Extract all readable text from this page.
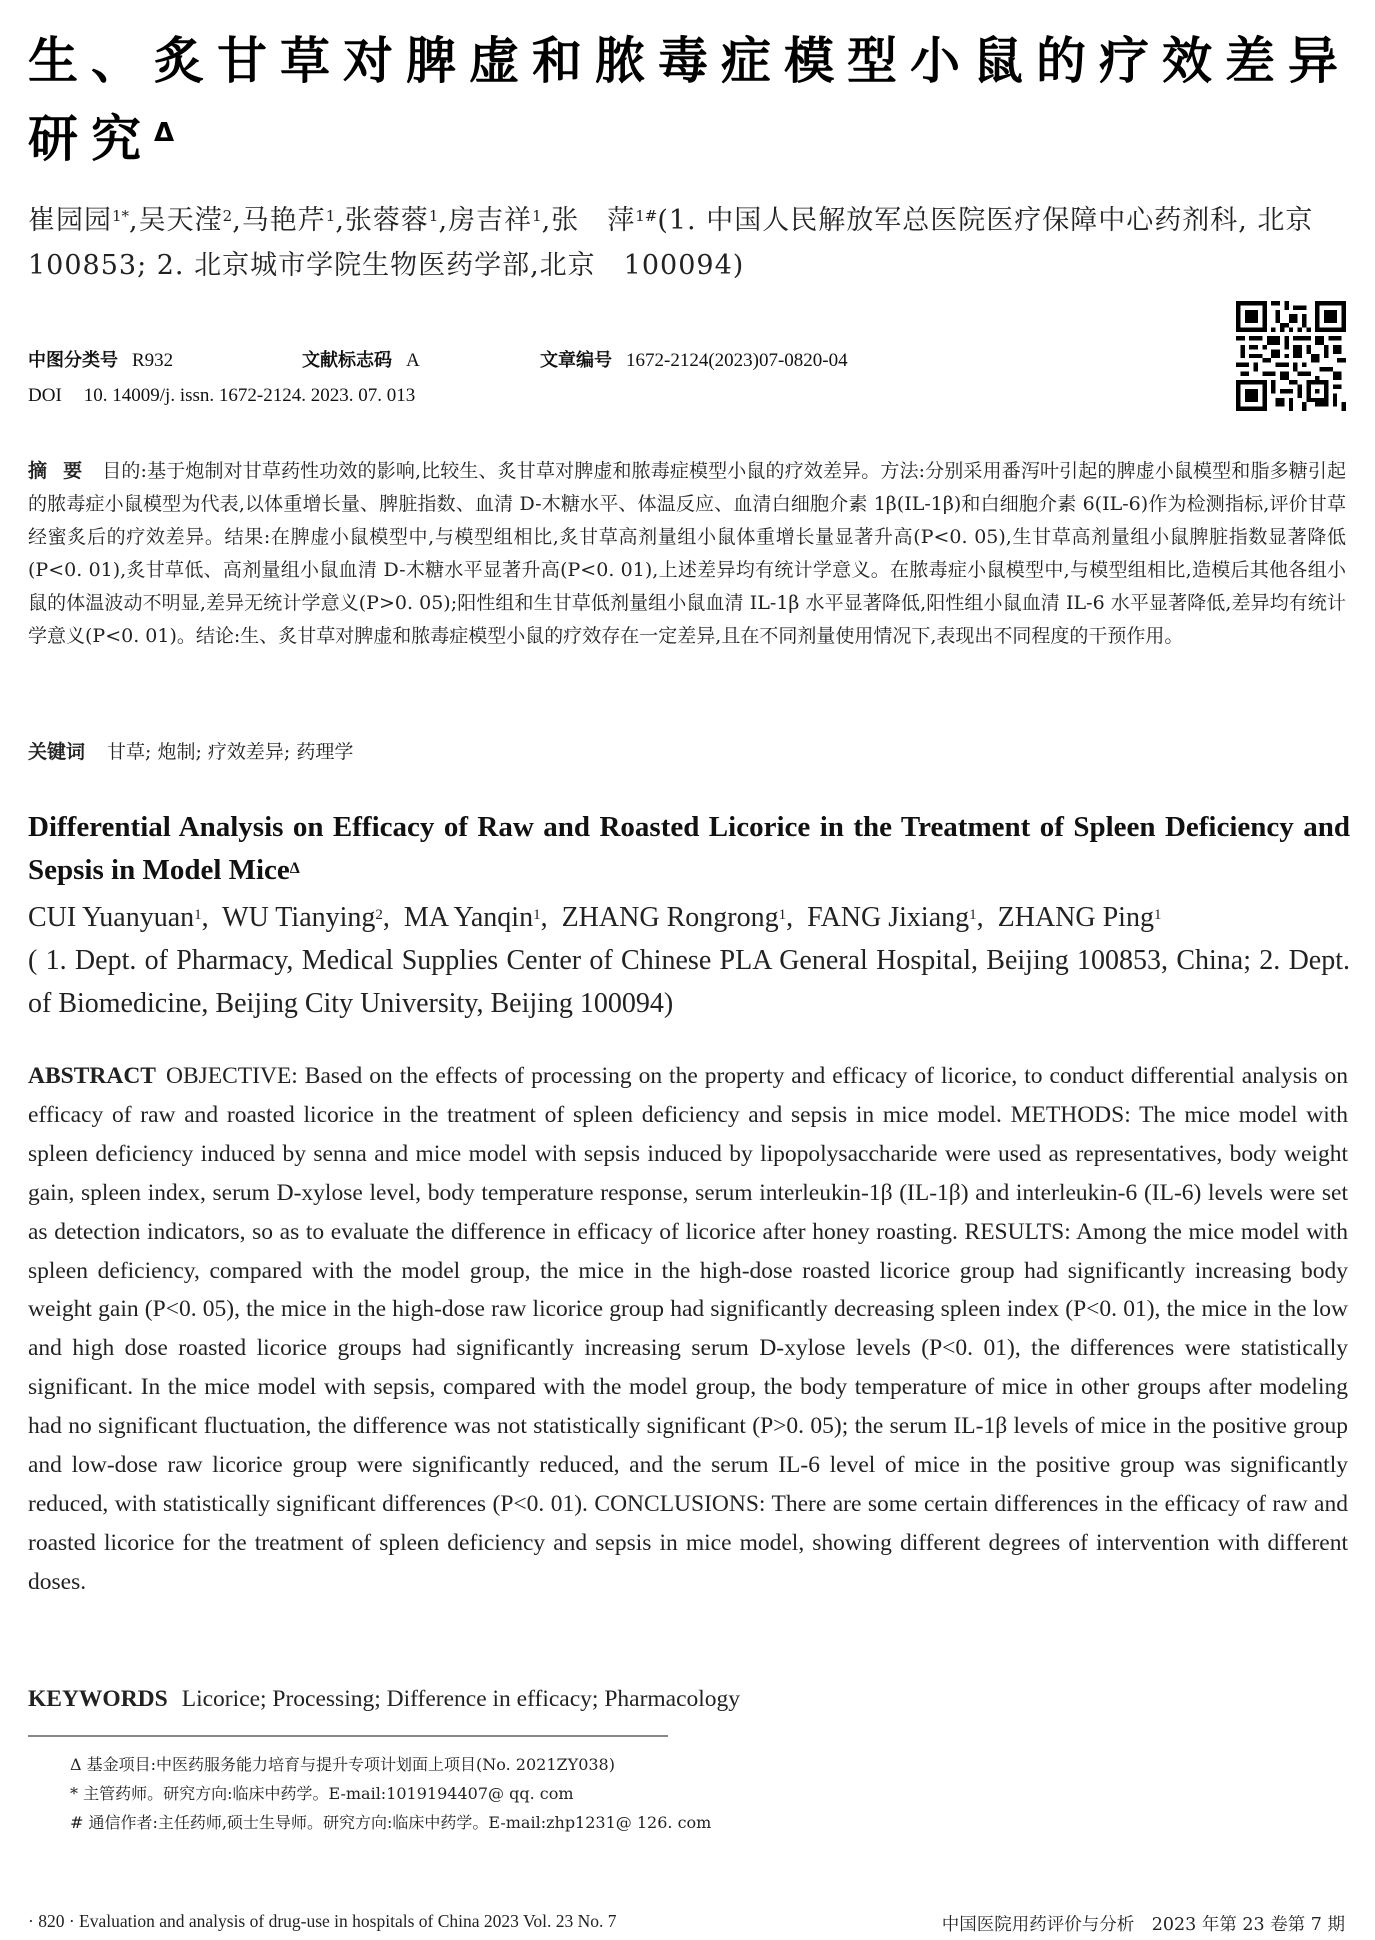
生、炙甘草对脾虚和脓毒症模型小鼠的疗效差异研究$^\Delta$
崔园园$^{1*}$,吴天滢$^2$,马艳芹$^1$,张蓉蓉$^1$,房吉祥$^1$,张　萍$^{1\#}$(1. 中国人民解放军总医院医疗保障中心药剂科, 北京　100853; 2. 北京城市学院生物医药学部,北京　100094)
中图分类号 R932	文献标志码 A	文章编号 1672-2124(2023)07-0820-04
DOI 10. 14009/j. issn. 1672-2124. 2023. 07. 013
摘要 目的:基于炮制对甘草药性功效的影响,比较生、炙甘草对脾虚和脓毒症模型小鼠的疗效差异。方法:分别采用番泻叶引起的脾虚小鼠模型和脂多糖引起的脓毒症小鼠模型为代表,以体重增长量、脾脏指数、血清 D-木糖水平、体温反应、血清白细胞介素 1β(IL-1β)和白细胞介素 6(IL-6)作为检测指标,评价甘草经蜜炙后的疗效差异。结果:在脾虚小鼠模型中,与模型组相比,炙甘草高剂量组小鼠体重增长量显著升高(P<0. 05),生甘草高剂量组小鼠脾脏指数显著降低(P<0. 01),炙甘草低、高剂量组小鼠血清 D-木糖水平显著升高(P<0. 01),上述差异均有统计学意义。在脓毒症小鼠模型中,与模型组相比,造模后其他各组小鼠的体温波动不明显,差异无统计学意义(P>0. 05);阳性组和生甘草低剂量组小鼠血清 IL-1β 水平显著降低,阳性组小鼠血清 IL-6 水平显著降低,差异均有统计学意义(P<0. 01)。结论:生、炙甘草对脾虚和脓毒症模型小鼠的疗效存在一定差异,且在不同剂量使用情况下,表现出不同程度的干预作用。
关键词 甘草; 炮制; 疗效差异; 药理学
Differential Analysis on Efficacy of Raw and Roasted Licorice in the Treatment of Spleen Deficiency and Sepsis in Model Mice$^\Delta$
CUI Yuanyuan$^1$,  WU Tianying$^2$,  MA Yanqin$^1$,  ZHANG Rongrong$^1$,  FANG Jixiang$^1$,  ZHANG Ping$^1$
( 1. Dept. of Pharmacy, Medical Supplies Center of Chinese PLA General Hospital, Beijing 100853, China; 2. Dept. of Biomedicine, Beijing City University, Beijing 100094)
ABSTRACT OBJECTIVE: Based on the effects of processing on the property and efficacy of licorice, to conduct differential analysis on efficacy of raw and roasted licorice in the treatment of spleen deficiency and sepsis in mice model. METHODS: The mice model with spleen deficiency induced by senna and mice model with sepsis induced by lipopolysaccharide were used as representatives, body weight gain, spleen index, serum D-xylose level, body temperature response, serum interleukin-1β (IL-1β) and interleukin-6 (IL-6) levels were set as detection indicators, so as to evaluate the difference in efficacy of licorice after honey roasting. RESULTS: Among the mice model with spleen deficiency, compared with the model group, the mice in the high-dose roasted licorice group had significantly increasing body weight gain (P<0. 05), the mice in the high-dose raw licorice group had significantly decreasing spleen index (P<0. 01), the mice in the low and high dose roasted licorice groups had significantly increasing serum D-xylose levels (P<0. 01), the differences were statistically significant. In the mice model with sepsis, compared with the model group, the body temperature of mice in other groups after modeling had no significant fluctuation, the difference was not statistically significant (P>0. 05); the serum IL-1β levels of mice in the positive group and low-dose raw licorice group were significantly reduced, and the serum IL-6 level of mice in the positive group was significantly reduced, with statistically significant differences (P<0. 01). CONCLUSIONS: There are some certain differences in the efficacy of raw and roasted licorice for the treatment of spleen deficiency and sepsis in mice model, showing different degrees of intervention with different doses.
KEYWORDS Licorice; Processing; Difference in efficacy; Pharmacology
Δ 基金项目:中医药服务能力培育与提升专项计划面上项目(No. 2021ZY038)
* 主管药师。研究方向:临床中药学。E-mail:1019194407@ qq. com
# 通信作者:主任药师,硕士生导师。研究方向:临床中药学。E-mail:zhp1231@ 126. com
· 820 · Evaluation and analysis of drug-use in hospitals of China 2023 Vol. 23 No. 7	中国医院用药评价与分析　2023 年第 23 卷第 7 期
